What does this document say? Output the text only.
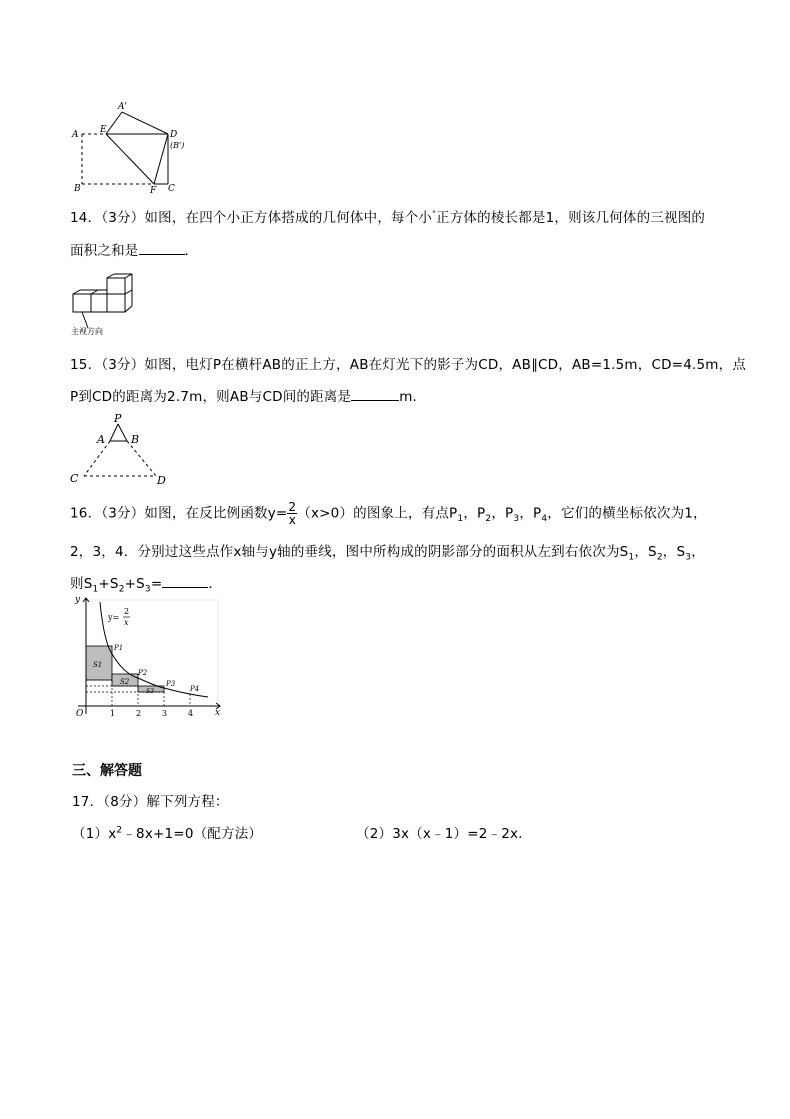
A'
A E	D
(B')
B	F C
14．（3分）如图，在四个小正方体搭成的几何体中，每个小"正方体的棱长都是1，则该几何体的三视图的
面积之和是	．
主视方向
15．（3分）如图，电灯P在横杆AB的正上方，AB在灯光下的影子为CD，AB∥CD，AB=1.5m，CD=4.5m，点
P到CD的距离为2.7m，则AB与CD间的距离是	m．
P
A B
C	D
16．（3分）如图，在反比例函数$y= \frac{2}{x} (x>0)$的图象上，有点$P_1$，$P_2$，$P_3$，$P_4$，它们的横坐标依次为1，
2，3，4．分别过这些点作x轴与y轴的垂线，图中所构成的阴影部分的面积从左到右依次为$S_1$，$S_2$，$S_3$，
则$S_1+S_2+S_3=$	．
y
x
O
y=
2
x
1	2	3	4
P1
P2
P3
P4
S1
S2
S3
三、解答题
17．（8分）解下列方程：
$(1)x^2﹣8x+1=0$（配方法）	（2）3x（x﹣1）=2﹣2x．
